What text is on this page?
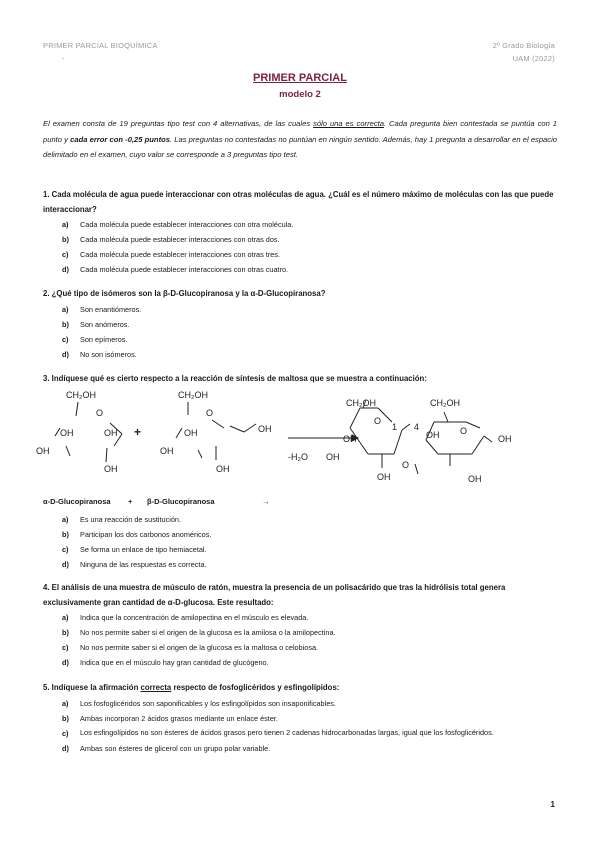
PRIMER PARCIAL BIOQUÍMICA
-
2º Grado Biología
UAM (2022)
PRIMER PARCIAL
modelo 2
El examen consta de 19 preguntas tipo test con 4 alternativas, de las cuales sólo una es correcta. Cada pregunta bien contestada se puntúa con 1 punto y cada error con -0,25 puntos. Las preguntas no contestadas no puntúan en ningún sentido. Además, hay 1 pregunta a desarrollar en el espacio delimitado en el examen, cuyo valor se corresponde a 3 preguntas tipo test.
1. Cada molécula de agua puede interaccionar con otras moléculas de agua. ¿Cuál es el número máximo de moléculas con las que puede interaccionar?
a)	Cada molécula puede establecer interacciones con otra molécula.
b)	Cada molécula puede establecer interacciones con otras dos.
c)	Cada molécula puede establecer interacciones con otras tres.
d)	Cada molécula puede establecer interacciones con otras cuatro.
2. ¿Qué tipo de isómeros son la β-D-Glucopiranosa y la α-D-Glucopiranosa?
a)	Son enantiómeros.
b)	Son anómeros.
c)	Son epímeros.
d)	No son isómeros.
3. Indíquese qué es cierto respecto a la reacción de síntesis de maltosa que se muestra a continuación:
CH₂OH
O
OH
OH
OH
OH
+
CH₂OH
O
OH	OH
OH
OH
-H₂O
CH₂OH	CH₂OH
O
1 4	O
OH	OH
OH
O
OH
OH
OH
α-D-Glucopiranosa + β-D-Glucopiranosa	→
a)	Es una reacción de sustitución.
b)	Participan los dos carbonos anoméricos.
c)	Se forma un enlace de tipo hemiacetal.
d)	Ninguna de las respuestas es correcta.
4. El análisis de una muestra de músculo de ratón, muestra la presencia de un polisacárido que tras la hidrólisis total genera exclusivamente gran cantidad de α-D-glucosa. Este resultado:
a)	Indica que la concentración de amilopectina en el músculo es elevada.
b)	No nos permite saber si el origen de la glucosa es la amilosa o la amilopectina.
c)	No nos permite saber si el origen de la glucosa es la maltosa o celobiosa.
d)	Indica que en el músculo hay gran cantidad de glucógeno.
5. Indíquese la afirmación correcta respecto de fosfoglicéridos y esfingolípidos:
a)	Los fosfoglicéridos son saponificables y los esfingolípidos son insaponificables.
b)	Ambas incorporan 2 ácidos grasos mediante un enlace éster.
c)	Los esfingolípidos no son ésteres de ácidos grasos pero tienen 2 cadenas hidrocarbonadas largas, igual que los fosfoglicéridos.
d)	Ambas son ésteres de glicerol con un grupo polar variable.
1
